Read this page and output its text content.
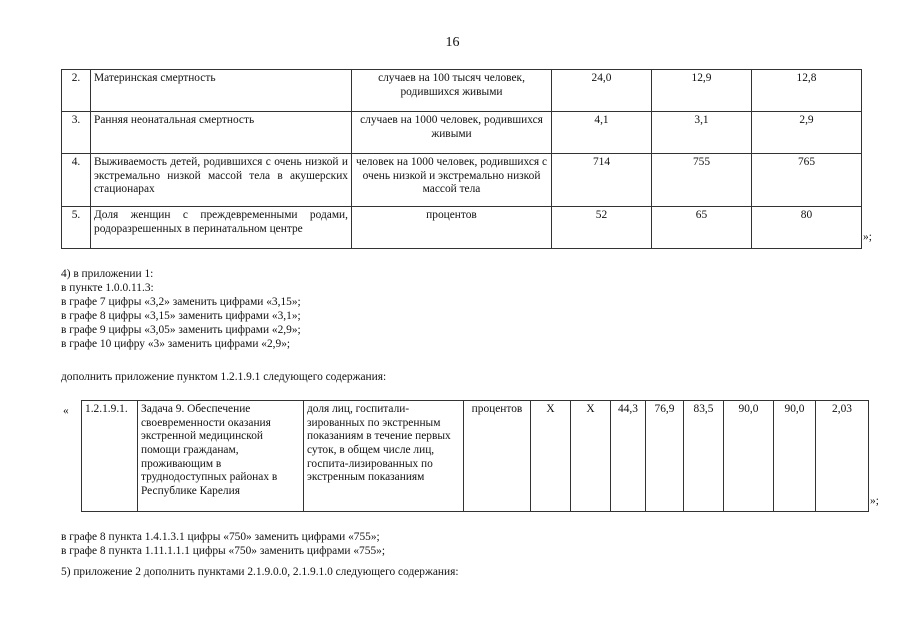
16
2.	Материнская смертность	случаев на 100 тысяч человек, родившихся живыми	24,0	12,9	12,8
3.	Ранняя неонатальная смертность	случаев на 1000 человек, родившихся живыми	4,1	3,1	2,9
4.	Выживаемость детей, родившихся с очень низкой и экстремально низкой массой тела в акушерских стационарах	человек на 1000 человек, родившихся с очень низкой и экстремально низкой массой тела	714	755	765
5.	Доля женщин с преждевременными родами, родоразрешенных в перинатальном центре	процентов	52	65	80
»;
4) в приложении 1:
в пункте 1.0.0.11.3:
в графе 7 цифры «3,2» заменить цифрами «3,15»;
в графе 8 цифры «3,15» заменить цифрами «3,1»;
в графе 9 цифры «3,05» заменить цифрами «2,9»;
в графе 10 цифру «3» заменить цифрами «2,9»;
дополнить приложение пунктом 1.2.1.9.1 следующего содержания:
« 1.2.1.9.1.	Задача 9. Обеспечение своевременности оказания экстренной медицинской помощи гражданам, проживающим в труднодоступных районах в Республике Карелия	доля лиц, госпитали-зированных по экстренным показаниям в течение первых суток, в общем числе лиц, госпита-лизированных по экстренным показаниям	процентов	X	X	44,3	76,9	83,5	90,0	90,0	2,03
»;
в графе 8 пункта 1.4.1.3.1 цифры «750» заменить цифрами «755»;
в графе 8 пункта 1.11.1.1.1 цифры «750» заменить цифрами «755»;
5) приложение 2 дополнить пунктами 2.1.9.0.0, 2.1.9.1.0 следующего содержания:
